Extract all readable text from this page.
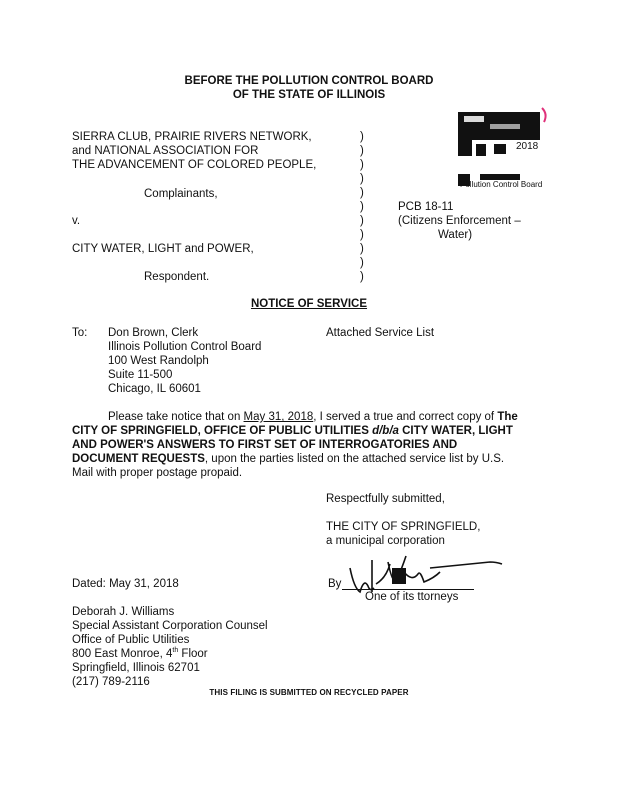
BEFORE THE POLLUTION CONTROL BOARD
OF THE STATE OF ILLINOIS
2018
Pollution Control Board
SIERRA CLUB, PRAIRIE RIVERS NETWORK,
and NATIONAL ASSOCIATION FOR
THE ADVANCEMENT OF COLORED PEOPLE,
Complainants,
v.
CITY WATER, LIGHT and POWER,
Respondent.
)
)
)
)
)
)
)
)
)
)
)
PCB 18-11
(Citizens Enforcement –
Water)
NOTICE OF SERVICE
To: Don Brown, Clerk
Illinois Pollution Control Board
100 West Randolph
Suite 11-500
Chicago, IL 60601
Attached Service List
Please take notice that on May 31, 2018, I served a true and correct copy of The
CITY OF SPRINGFIELD, OFFICE OF PUBLIC UTILITIES d/b/a CITY WATER, LIGHT
AND POWER'S ANSWERS TO FIRST SET OF INTERROGATORIES AND
DOCUMENT REQUESTS, upon the parties listed on the attached service list by U.S.
Mail with proper postage propaid.
Respectfully submitted,
THE CITY OF SPRINGFIELD,
a municipal corporation
By
One of its ttorneys
Dated: May 31, 2018
Deborah J. Williams
Special Assistant Corporation Counsel
Office of Public Utilities
800 East Monroe, 4th Floor
Springfield, Illinois 62701
(217) 789-2116
THIS FILING IS SUBMITTED ON RECYCLED PAPER
